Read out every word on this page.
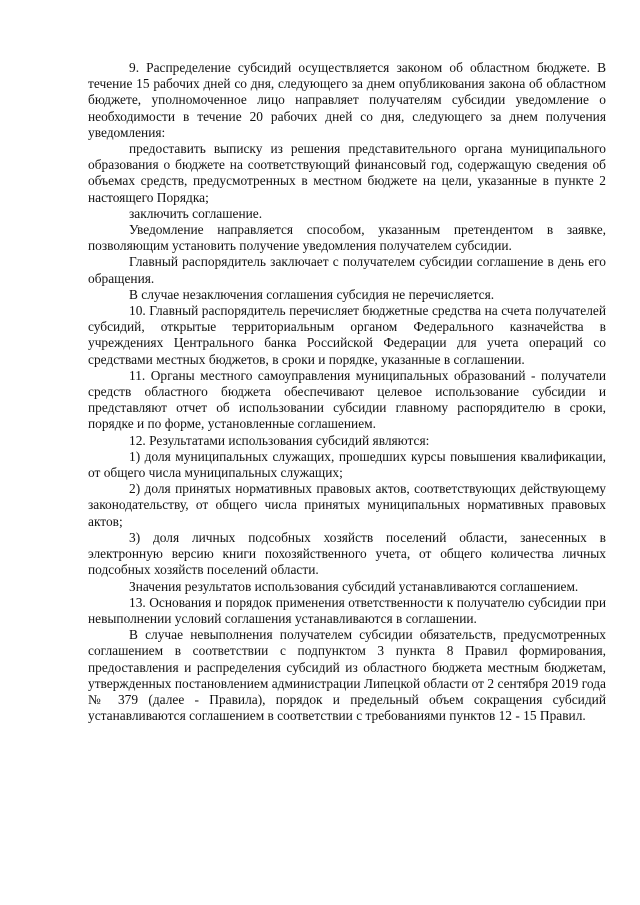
9. Распределение субсидий осуществляется законом об областном бюджете. В течение 15 рабочих дней со дня, следующего за днем опубликования закона об областном бюджете, уполномоченное лицо направляет получателям субсидии уведомление о необходимости в течение 20 рабочих дней со дня, следующего за днем получения уведомления:

предоставить выписку из решения представительного органа муниципального образования о бюджете на соответствующий финансовый год, содержащую сведения об объемах средств, предусмотренных в местном бюджете на цели, указанные в пункте 2 настоящего Порядка;

заключить соглашение.

Уведомление направляется способом, указанным претендентом в заявке, позволяющим установить получение уведомления получателем субсидии.

Главный распорядитель заключает с получателем субсидии соглашение в день его обращения.

В случае незаключения соглашения субсидия не перечисляется.

10. Главный распорядитель перечисляет бюджетные средства на счета получателей субсидий, открытые территориальным органом Федерального казначейства в учреждениях Центрального банка Российской Федерации для учета операций со средствами местных бюджетов, в сроки и порядке, указанные в соглашении.

11. Органы местного самоуправления муниципальных образований - получатели средств областного бюджета обеспечивают целевое использование субсидии и представляют отчет об использовании субсидии главному распорядителю в сроки, порядке и по форме, установленные соглашением.

12. Результатами использования субсидий являются:

1) доля муниципальных служащих, прошедших курсы повышения квалификации, от общего числа муниципальных служащих;

2) доля принятых нормативных правовых актов, соответствующих действующему законодательству, от общего числа принятых муниципальных нормативных правовых актов;

3) доля личных подсобных хозяйств поселений области, занесенных в электронную версию книги похозяйственного учета, от общего количества личных подсобных хозяйств поселений области.

Значения результатов использования субсидий устанавливаются соглашением.

13. Основания и порядок применения ответственности к получателю субсидии при невыполнении условий соглашения устанавливаются в соглашении.

В случае невыполнения получателем субсидии обязательств, предусмотренных соглашением в соответствии с подпунктом 3 пункта 8 Правил формирования, предоставления и распределения субсидий из областного бюджета местным бюджетам, утвержденных постановлением администрации Липецкой области от 2 сентября 2019 года № 379 (далее - Правила), порядок и предельный объем сокращения субсидий устанавливаются соглашением в соответствии с требованиями пунктов 12 - 15 Правил.
